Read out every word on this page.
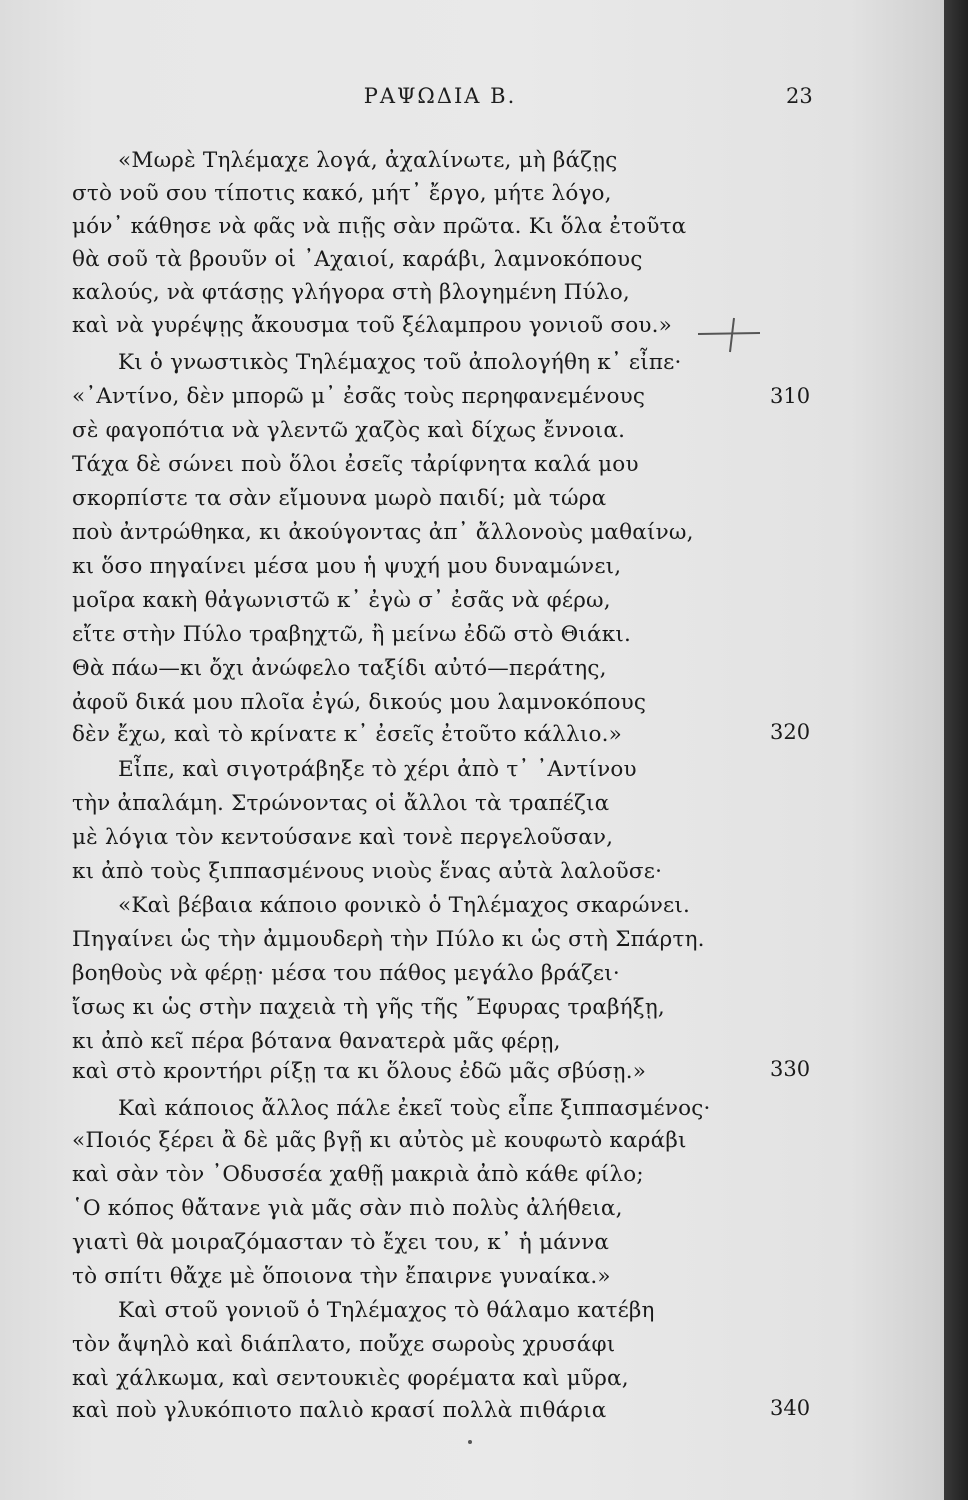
ΡΑΨΩΔΙΑ Β.	23
«Μωρὲ Τηλέμαχε λογά, ἀχαλίνωτε, μὴ βάζῃς
στὸ νοῦ σου τίποτις κακό, μήτ᾽ ἔργο, μήτε λόγο,
μόν᾽ κάθησε νὰ φᾶς νὰ πιῇς σὰν πρῶτα. Κι ὅλα ἐτοῦτα
θὰ σοῦ τὰ βρουῦν οἱ ᾽Αχαιοί, καράβι, λαμνοκόπους
καλούς, νὰ φτάσῃς γλήγορα στὴ βλογημένη Πύλο,
καὶ νὰ γυρέψῃς ἄκουσμα τοῦ ξέλαμπρου γονιοῦ σου.»
Κι ὁ γνωστικὸς Τηλέμαχος τοῦ ἀπολογήθη κ᾽ εἶπε·
«᾽Αντίνο, δὲν μπορῶ μ᾽ ἐσᾶς τοὺς περηφανεμένους
σὲ φαγοπότια νὰ γλεντῶ χαζὸς καὶ δίχως ἔννοια.
Τάχα δὲ σώνει ποὺ ὅλοι ἐσεῖς τἀρίφνητα καλά μου
σκορπίστε τα σὰν εἴμουνα μωρὸ παιδί; μὰ τώρα
ποὺ ἀντρώθηκα, κι ἀκούγοντας ἀπ᾽ ἄλλονοὺς μαθαίνω,
κι ὅσο πηγαίνει μέσα μου ἡ ψυχή μου δυναμώνει,
μοῖρα κακὴ θἀγωνιστῶ κ᾽ ἐγὼ σ᾽ ἐσᾶς νὰ φέρω,
εἴτε στὴν Πύλο τραβηχτῶ, ἢ μείνω ἐδῶ στὸ Θιάκι.
Θὰ πάω—κι ὄχι ἀνώφελο ταξίδι αὐτό—περάτης,
ἀφοῦ δικά μου πλοῖα ἐγώ, δικούς μου λαμνοκόπους
δὲν ἔχω, καὶ τὸ κρίνατε κ᾽ ἐσεῖς ἐτοῦτο κάλλιο.»
Εἶπε, καὶ σιγοτράβηξε τὸ χέρι ἀπὸ τ᾽ ᾽Αντίνου
τὴν ἀπαλάμη. Στρώνοντας οἱ ἄλλοι τὰ τραπέζια
μὲ λόγια τὸν κεντούσανε καὶ τονὲ περγελοῦσαν,
κι ἀπὸ τοὺς ξιππασμένους νιοὺς ἕνας αὐτὰ λαλοῦσε·
«Καὶ βέβαια κάποιο φονικὸ ὁ Τηλέμαχος σκαρώνει.
Πηγαίνει ὡς τὴν ἀμμουδερὴ τὴν Πύλο κι ὡς στὴ Σπάρτη.
βοηθοὺς νὰ φέρῃ· μέσα του πάθος μεγάλο βράζει·
ἴσως κι ὡς στὴν παχειὰ τὴ γῆς τῆς ῎Εφυρας τραβήξῃ,
κι ἀπὸ κεῖ πέρα βότανα θανατερὰ μᾶς φέρῃ,
καὶ στὸ κροντήρι ρίξῃ τα κι ὅλους ἐδῶ μᾶς σβύσῃ.»
Καὶ κάποιος ἄλλος πάλε ἐκεῖ τοὺς εἶπε ξιππασμένος·
«Ποιός ξέρει ἂ δὲ μᾶς βγῇ κι αὐτὸς μὲ κουφωτὸ καράβι
καὶ σὰν τὸν ᾽Οδυσσέα χαθῇ μακριὰ ἀπὸ κάθε φίλο;
῾Ο κόπος θἄτανε γιὰ μᾶς σὰν πιὸ πολὺς ἀλήθεια,
γιατὶ θὰ μοιραζόμασταν τὸ ἔχει του, κ᾽ ἡ μάννα
τὸ σπίτι θἄχε μὲ ὅποιονα τὴν ἔπαιρνε γυναίκα.»
Καὶ στοῦ γονιοῦ ὁ Τηλέμαχος τὸ θάλαμο κατέβη
τὸν ἄψηλὸ καὶ διάπλατο, ποὔχε σωροὺς χρυσάφι
καὶ χάλκωμα, καὶ σεντουκιὲς φορέματα καὶ μῦρα,
καὶ ποὺ γλυκόπιοτο παλιὸ κρασί πολλὰ πιθάρια
310
320
330
340
